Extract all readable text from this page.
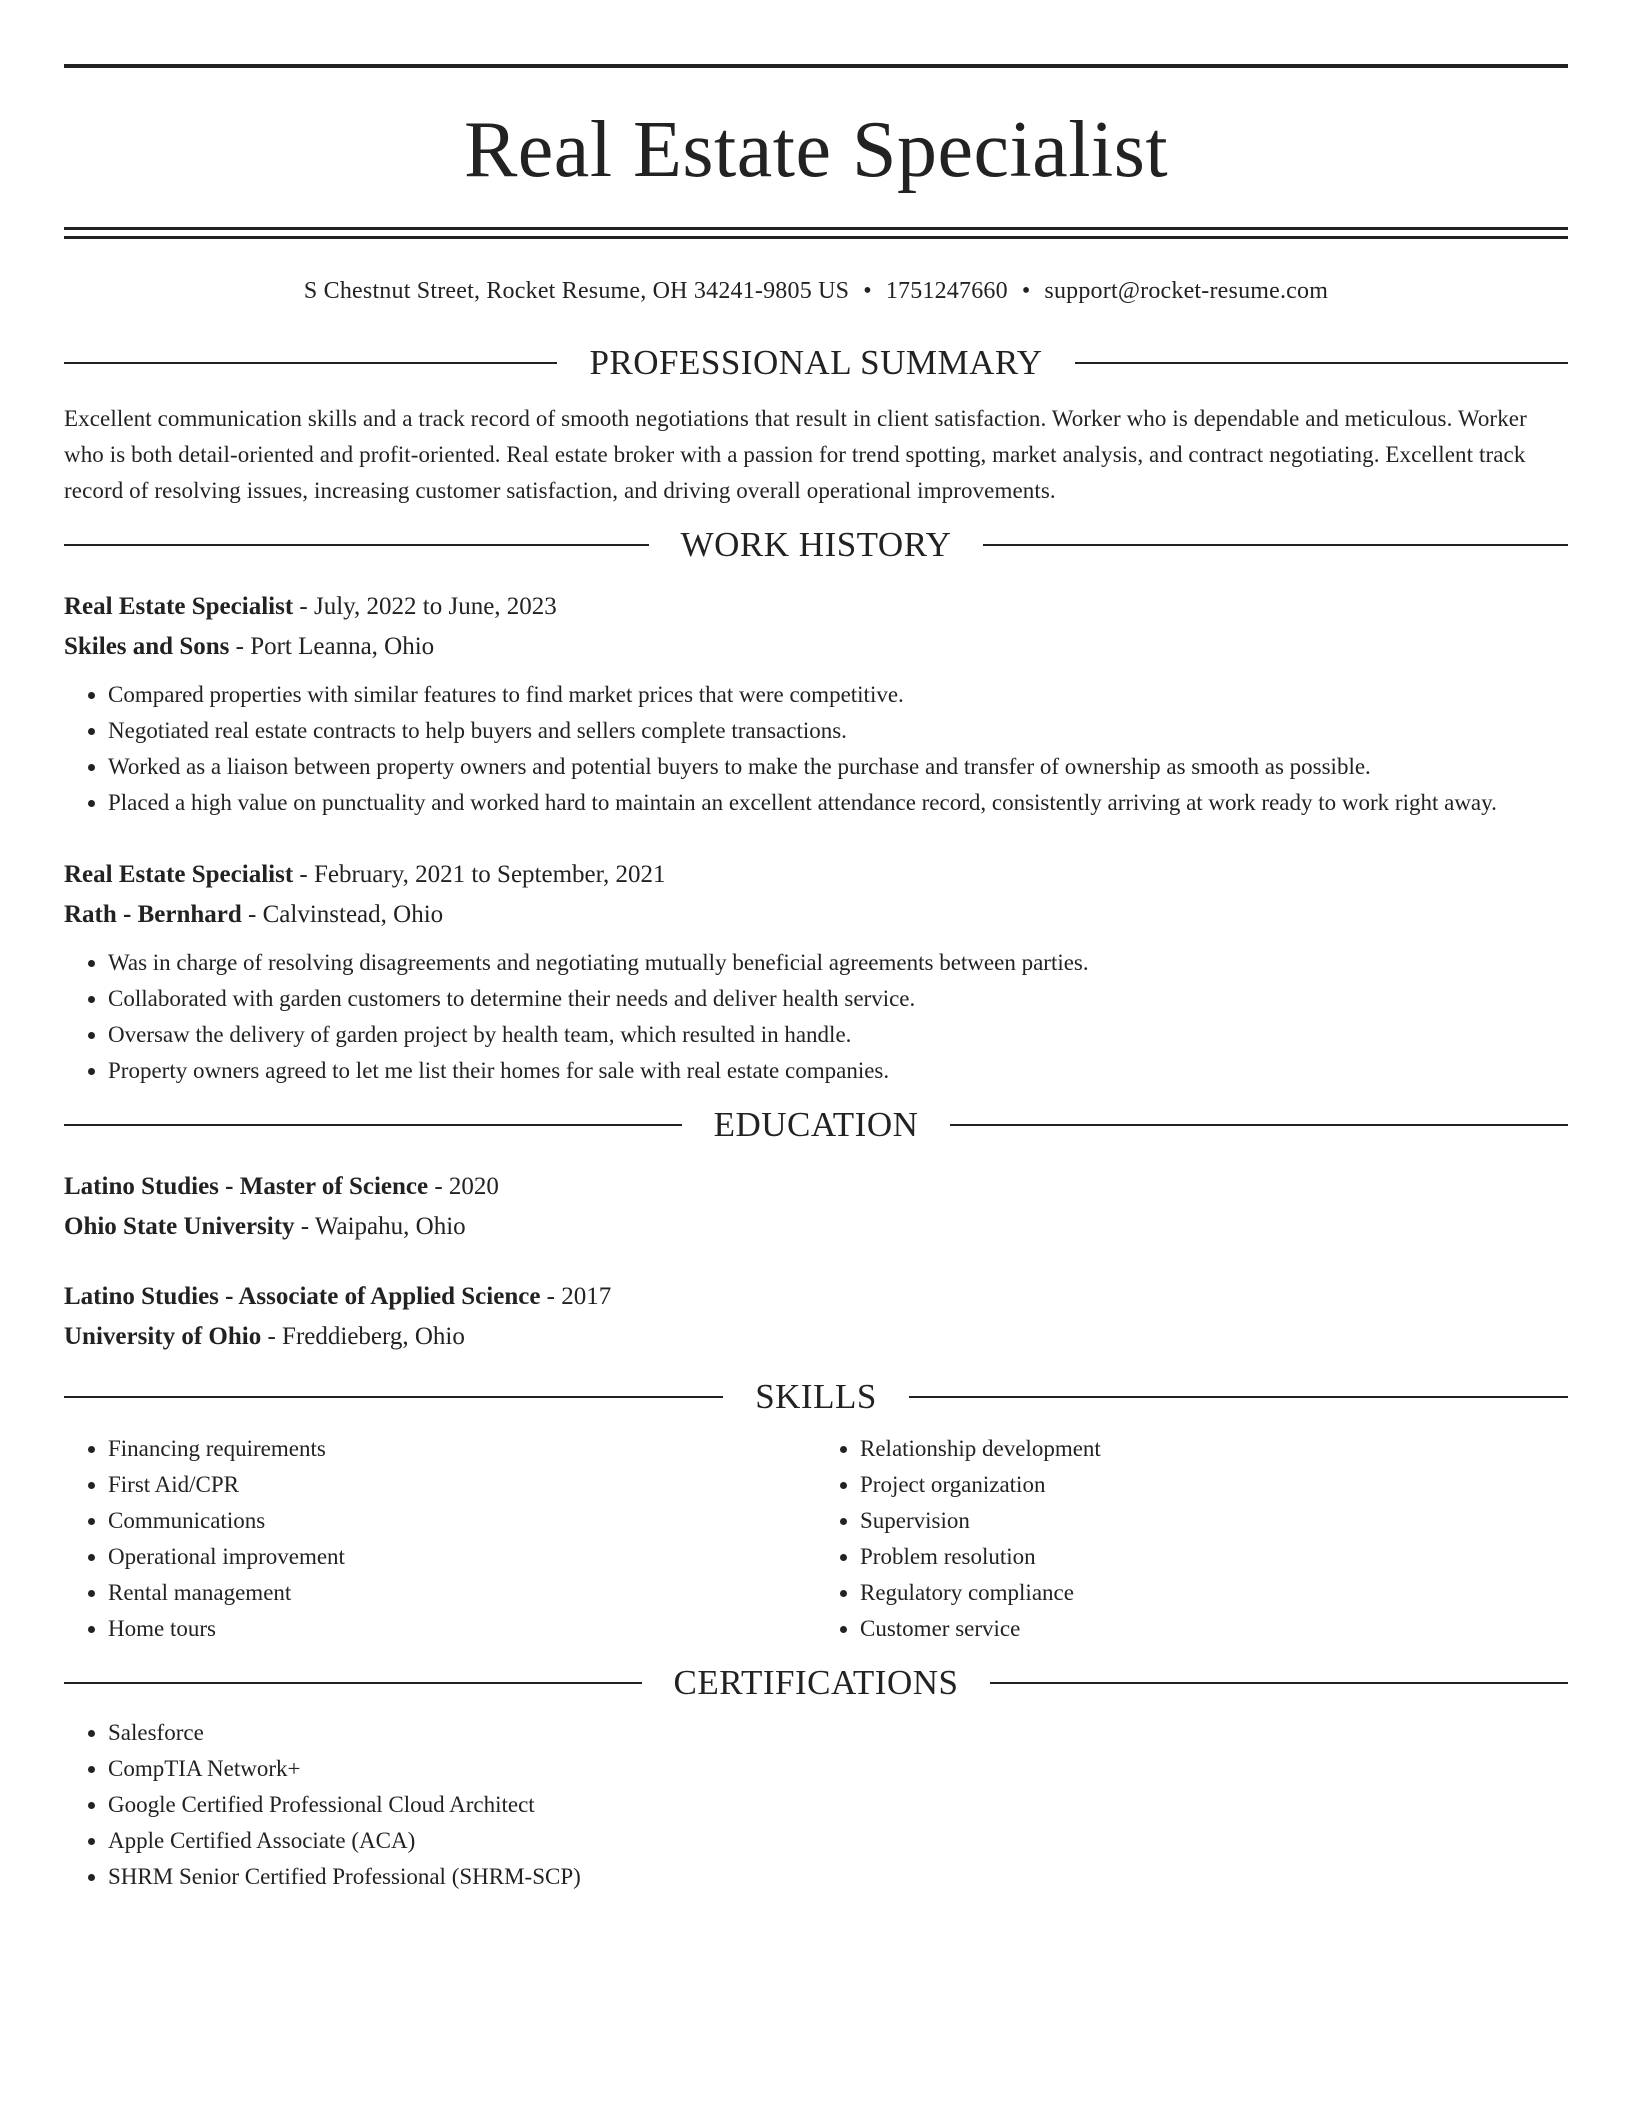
Real Estate Specialist
S Chestnut Street, Rocket Resume, OH 34241-9805 US • 1751247660 • support@rocket-resume.com
PROFESSIONAL SUMMARY

Excellent communication skills and a track record of smooth negotiations that result in client satisfaction. Worker who is dependable and meticulous. Worker who is both detail-oriented and profit-oriented. Real estate broker with a passion for trend spotting, market analysis, and contract negotiating. Excellent track record of resolving issues, increasing customer satisfaction, and driving overall operational improvements.

WORK HISTORY
Real Estate Specialist - July, 2022 to June, 2023
Skiles and Sons - Port Leanna, Ohio
• Compared properties with similar features to find market prices that were competitive.
• Negotiated real estate contracts to help buyers and sellers complete transactions.
• Worked as a liaison between property owners and potential buyers to make the purchase and transfer of ownership as smooth as possible.
• Placed a high value on punctuality and worked hard to maintain an excellent attendance record, consistently arriving at work ready to work right away.
Real Estate Specialist - February, 2021 to September, 2021
Rath - Bernhard - Calvinstead, Ohio
• Was in charge of resolving disagreements and negotiating mutually beneficial agreements between parties.
• Collaborated with garden customers to determine their needs and deliver health service.
• Oversaw the delivery of garden project by health team, which resulted in handle.
• Property owners agreed to let me list their homes for sale with real estate companies.
EDUCATION
Latino Studies - Master of Science - 2020
Ohio State University - Waipahu, Ohio
Latino Studies - Associate of Applied Science - 2017
University of Ohio - Freddieberg, Ohio
SKILLS
• Financing requirements
• First Aid/CPR
• Communications
• Operational improvement
• Rental management
• Home tours
• Relationship development
• Project organization
• Supervision
• Problem resolution
• Regulatory compliance
• Customer service
CERTIFICATIONS
• Salesforce
• CompTIA Network+
• Google Certified Professional Cloud Architect
• Apple Certified Associate (ACA)
• SHRM Senior Certified Professional (SHRM-SCP)
